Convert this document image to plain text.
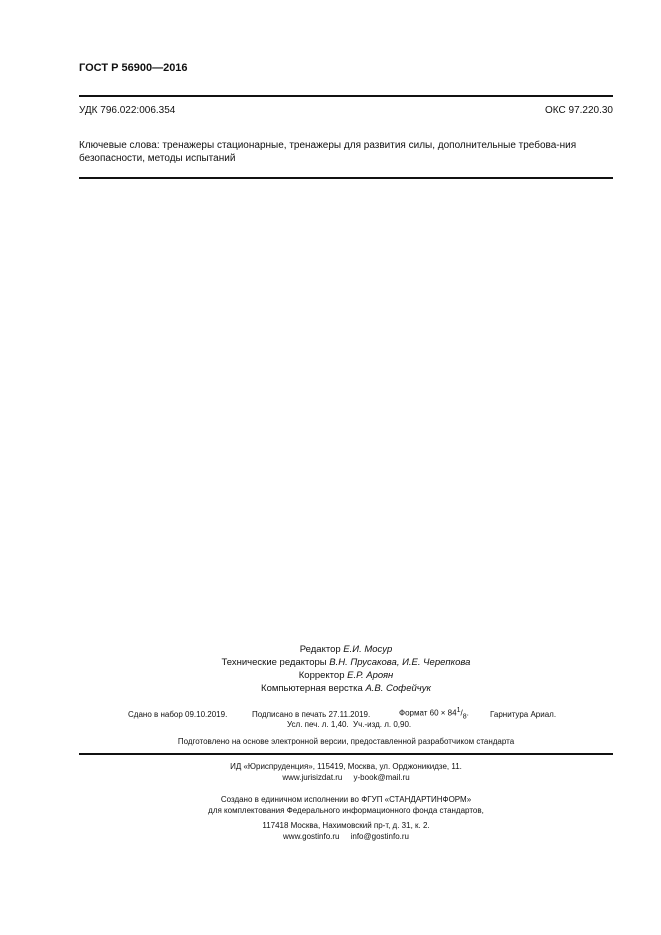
ГОСТ Р 56900—2016
УДК 796.022:006.354	ОКС 97.220.30
Ключевые слова: тренажеры стационарные, тренажеры для развития силы, дополнительные требова-ния безопасности, методы испытаний
Редактор Е.И. Мосур
Технические редакторы В.Н. Прусакова, И.Е. Черепкова
Корректор Е.Р. Ароян
Компьютерная верстка А.В. Софейчук
Сдано в набор 09.10.2019.	Подписано в печать 27.11.2019.	Формат $60 \times 84^1/_8$.	Гарнитура Ариал.
Усл. печ. л. 1,40. Уч.-изд. л. 0,90.
Подготовлено на основе электронной версии, предоставленной разработчиком стандарта
ИД «Юриспруденция», 115419, Москва, ул. Орджоникидзе, 11.
www.jurisizdat.ru y-book@mail.ru
Создано в единичном исполнении во ФГУП «СТАНДАРТИНФОРМ»
для комплектования Федерального информационного фонда стандартов,
117418 Москва, Нахимовский пр-т, д. 31, к. 2.
www.gostinfo.ru info@gostinfo.ru
